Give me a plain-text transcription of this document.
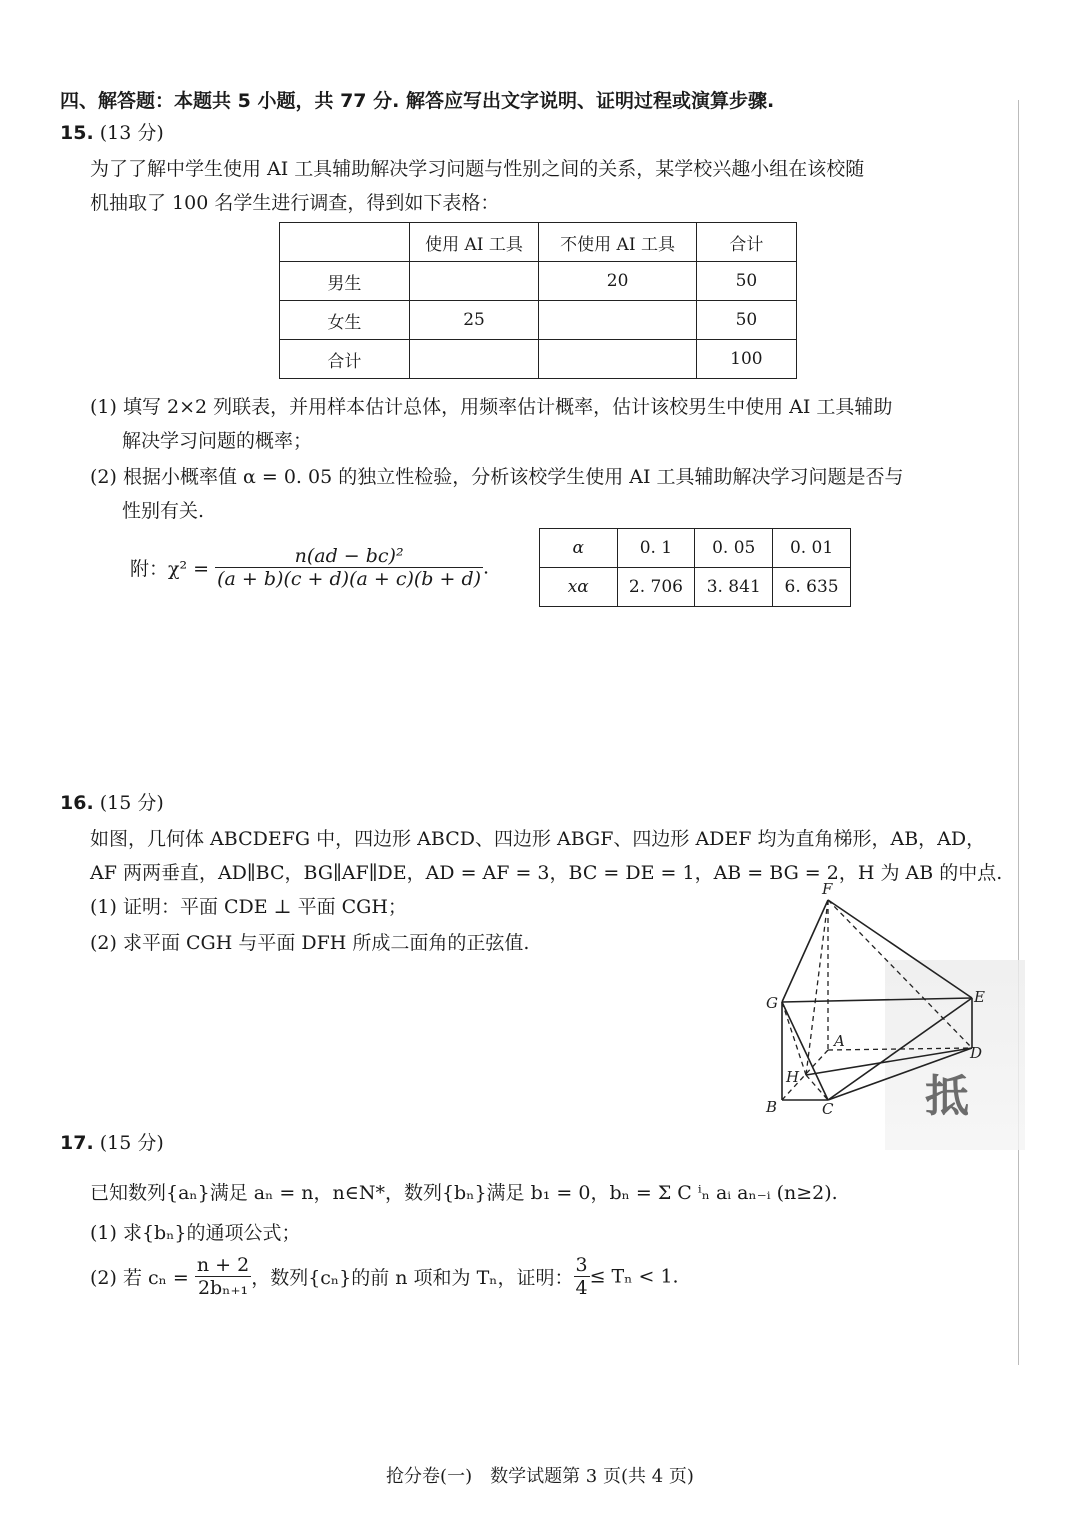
四、解答题：本题共 5 小题，共 77 分. 解答应写出文字说明、证明过程或演算步骤.
15. (13 分)
为了了解中学生使用 AI 工具辅助解决学习问题与性别之间的关系，某学校兴趣小组在该校随
机抽取了 100 名学生进行调查，得到如下表格：
	使用 AI 工具	不使用 AI 工具	合计
男生		20	50
女生	25		50
合计			100
(1) 填写 2×2 列联表，并用样本估计总体，用频率估计概率，估计该校男生中使用 AI 工具辅助
解决学习问题的概率；
(2) 根据小概率值 α = 0. 05 的独立性检验，分析该校学生使用 AI 工具辅助解决学习问题是否与
性别有关.
附：$\chi^2 = \frac{\text{n(ad − bc)²}}{(a + b)(c + d)(a + c)(b + d)}$ .
α	0. 1	0. 05	0. 01
xα	2. 706	3. 841	6. 635
16. (15 分)
如图，几何体 ABCDEFG 中，四边形 ABCD、四边形 ABGF、四边形 ADEF 均为直角梯形，AB，AD，
AF 两两垂直，AD∥BC，BG∥AF∥DE，AD = AF = 3，BC = DE = 1，AB = BG = 2，H 为 AB 的中点.
(1) 证明：平面 CDE ⊥ 平面 CGH；
(2) 求平面 CGH 与平面 DFH 所成二面角的正弦值.
抵
F
G	E
A
D
H
B	C
17. (15 分)
已知数列{aₙ}满足 aₙ = n，n∈N*，数列{bₙ}满足 b₁ = 0，bₙ = Σ C ⁱₙ aᵢ aₙ₋ᵢ (n≥2).
(1) 求{bₙ}的通项公式；
(2) 若 $c_n = \frac{n + 2}{\text{2bₙ₊₁}}$ ，数列{cₙ}的前 n 项和为 Tₙ，证明： $\frac{3}{4} \le T_n < 1$.
抢分卷(一)　数学试题第 3 页(共 4 页)
